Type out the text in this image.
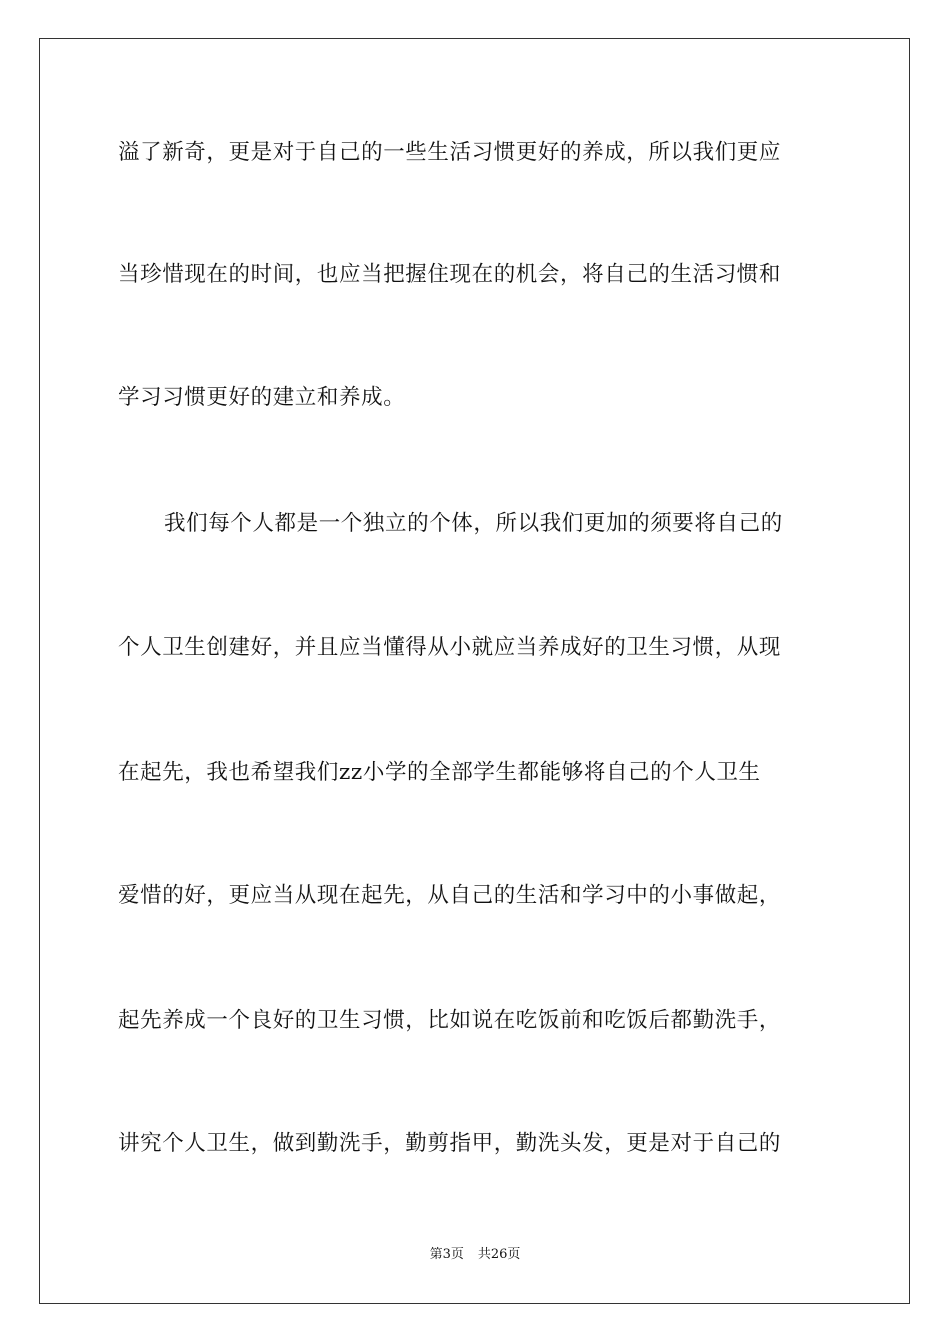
溢了新奇，更是对于自己的一些生活习惯更好的养成，所以我们更应
当珍惜现在的时间，也应当把握住现在的机会，将自己的生活习惯和
学习习惯更好的建立和养成。
我们每个人都是一个独立的个体，所以我们更加的须要将自己的
个人卫生创建好，并且应当懂得从小就应当养成好的卫生习惯，从现
在起先，我也希望我们zz小学的全部学生都能够将自己的个人卫生
爱惜的好，更应当从现在起先，从自己的生活和学习中的小事做起，
起先养成一个良好的卫生习惯，比如说在吃饭前和吃饭后都勤洗手，
讲究个人卫生，做到勤洗手，勤剪指甲，勤洗头发，更是对于自己的
第3页 共26页
